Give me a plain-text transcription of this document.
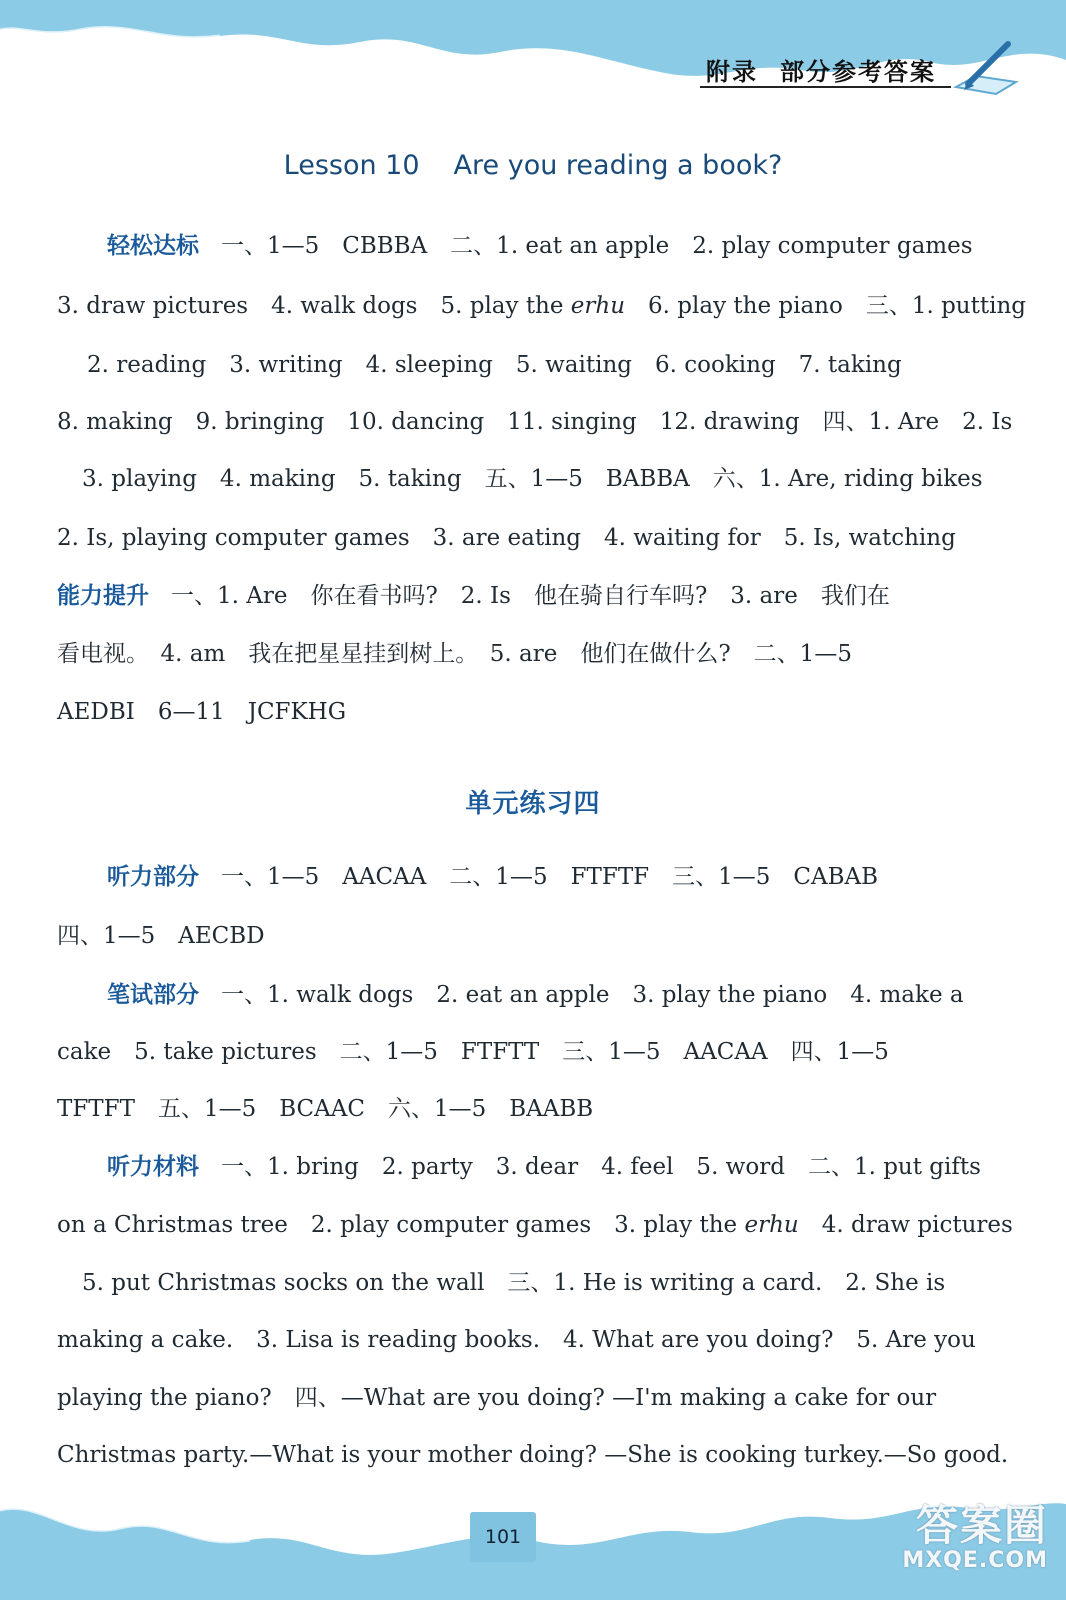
附录 部分参考答案
Lesson 10 Are you reading a book?
轻松达标 一、1—5　CBBBA　二、1. eat an apple　2. play computer games
3. draw pictures　4. walk dogs　5. play the erhu　6. play the piano　三、1. putting
2. reading　3. writing　4. sleeping　5. waiting　6. cooking　7. taking
8. making　9. bringing　10. dancing　11. singing　12. drawing　四、1. Are　2. Is
3. playing　4. making　5. taking　五、1—5　BABBA　六、1. Are, riding bikes
2. Is, playing computer games　3. are eating　4. waiting for　5. Is, watching
能力提升 一、1. Are　你在看书吗?　2. Is　他在骑自行车吗?　3. are　我们在
看电视。　4. am　我在把星星挂到树上。　5. are　他们在做什么?　二、1—5
AEDBI　6—11　JCFKHG
单元练习四
听力部分 一、1—5　AACAA　二、1—5　FTFTF　三、1—5　CABAB
四、1—5　AECBD
笔试部分 一、1. walk dogs　2. eat an apple　3. play the piano　4. make a
cake　5. take pictures　二、1—5　FTFTT　三、1—5　AACAA　四、1—5
TFTFT　五、1—5　BCAAC　六、1—5　BAABB
听力材料 一、1. bring　2. party　3. dear　4. feel　5. word　二、1. put gifts
on a Christmas tree　2. play computer games　3. play the erhu　4. draw pictures
5. put Christmas socks on the wall　三、1. He is writing a card.　2. She is
making a cake.　3. Lisa is reading books.　4. What are you doing?　5. Are you
playing the piano?　四、—What are you doing? —I'm making a cake for our
Christmas party.—What is your mother doing? —She is cooking turkey.—So good.
101	答案圈
MXQE.COM
